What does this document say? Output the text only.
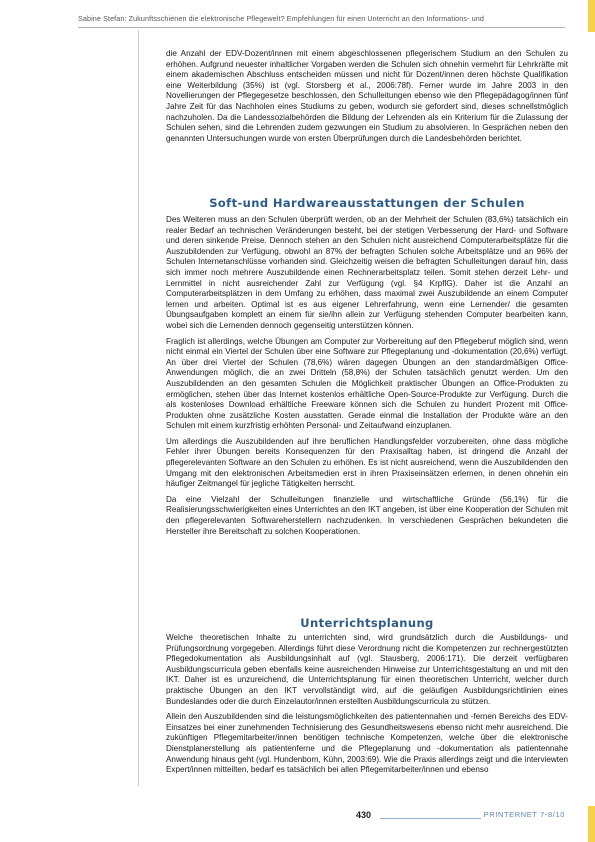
Sabine Stefan: Zukunftsschienen die elektronische Pflegewelt? Empfehlungen für einen Unterricht an den Informations- und

die Anzahl der EDV-Dozent/innen mit einem abgeschlossenen pflegerischem Studium an den Schulen zu erhöhen. Aufgrund neuester inhaltlicher Vorgaben werden die Schulen sich ohnehin vermehrt für Lehrkräfte mit einem akademischen Abschluss entscheiden müssen und nicht für Dozent/innen deren höchste Qualifikation eine Weiterbildung (35%) ist (vgl. Storsberg et al., 2006:78f). Ferner wurde im Jahre 2003 in den Novellierungen der Pflegegesetze beschlossen, den Schulleitungen ebenso wie den Pflegepädagog/innen fünf Jahre Zeit für das Nachholen eines Studiums zu geben, wodurch sie gefordert sind, dieses schnellstmöglich nachzuholen. Da die Landessozialbehörden die Bildung der Lehrenden als ein Kriterium für die Zulassung der Schulen sehen, sind die Lehrenden zudem gezwungen ein Studium zu absolvieren. In Gesprächen neben den genannten Untersuchungen wurde von ersten Überprüfungen durch die Landesbehörden berichtet.

Soft-und Hardwareausstattungen der Schulen

Des Weiteren muss an den Schulen überprüft werden, ob an der Mehrheit der Schulen (83,6%) tatsächlich ein realer Bedarf an technischen Veränderungen besteht, bei der stetigen Verbesserung der Hard- und Software und deren sinkende Preise. Dennoch stehen an den Schulen nicht ausreichend Computerarbeitsplätze für die Auszubildenden zur Verfügung, obwohl an 87% der befragten Schulen solche Arbeitsplätze und an 96% der Schulen Internetanschlüsse vorhanden sind. Gleichzeitig weisen die befragten Schulleitungen darauf hin, dass sich immer noch mehrere Auszubildende einen Rechnerarbeitsplatz teilen. Somit stehen derzeit Lehr- und Lernmittel in nicht ausreichender Zahl zur Verfügung (vgl. §4 KrpflG). Daher ist die Anzahl an Computerarbeitsplätzen in dem Umfang zu erhöhen, dass maximal zwei Auszubildende an einem Computer lernen und arbeiten. Optimal ist es aus eigener Lehrerfahrung, wenn eine Lernender/ die gesamten Übungsaufgaben komplett an einem für sie/ihn allein zur Verfügung stehenden Computer bearbeiten kann, wobei sich die Lernenden dennoch gegenseitig unterstützen können.

Fraglich ist allerdings, welche Übungen am Computer zur Vorbereitung auf den Pflegeberuf möglich sind, wenn nicht einmal ein Viertel der Schulen über eine Software zur Pflegeplanung und -dokumentation (20,6%) verfügt. An über drei Viertel der Schulen (78,6%) wären dagegen Übungen an den standardmäßigen Office-Anwendungen möglich, die an zwei Dritteln (58,8%) der Schulen tatsächlich genutzt werden. Um den Auszubildenden an den gesamten Schulen die Möglichkeit praktischer Übungen an Office-Produkten zu ermöglichen, stehen über das Internet kostenlos erhältliche Open-Source-Produkte zur Verfügung. Durch die als kostenloses Download erhältliche Freeware können sich die Schulen zu hundert Prozent mit Office-Produkten ohne zusätzliche Kosten ausstatten. Gerade einmal die Installation der Produkte wäre an den Schulen mit einem kurzfristig erhöhten Personal- und Zeitaufwand einzuplanen.

Um allerdings die Auszubildenden auf ihre beruflichen Handlungsfelder vorzubereiten, ohne dass mögliche Fehler ihrer Übungen bereits Konsequenzen für den Praxisalltag haben, ist dringend die Anzahl der pflegerelevanten Software an den Schulen zu erhöhen. Es ist nicht ausreichend, wenn die Auszubildenden den Umgang mit den elektronischen Arbeitsmedien erst in ihren Praxiseinsätzen erlernen, in denen ohnehin ein häufiger Zeitmangel für jegliche Tätigkeiten herrscht.

Da eine Vielzahl der Schulleitungen finanzielle und wirtschaftliche Gründe (56,1%) für die Realisierungsschwierigkeiten eines Unterrichtes an den IKT angeben, ist über eine Kooperation der Schulen mit den pflegerelevanten Softwareherstellern nachzudenken. In verschiedenen Gesprächen bekundeten die Hersteller ihre Bereitschaft zu solchen Kooperationen.

Unterrichtsplanung

Welche theoretischen Inhalte zu unterrichten sind, wird grundsätzlich durch die Ausbildungs- und Prüfungsordnung vorgegeben. Allerdings führt diese Verordnung nicht die Kompetenzen zur rechnergestützten Pflegedokumentation als Ausbildungsinhalt auf (vgl. Stausberg, 2006:171). Die derzeit verfügbaren Ausbildungscurricula geben ebenfalls keine ausreichenden Hinweise zur Unterrichtsgestaltung an und mit den IKT. Daher ist es unzureichend, die Unterrichtsplanung für einen theoretischen Unterricht, welcher durch praktische Übungen an den IKT vervollständigt wird, auf die geläufigen Ausbildungsrichtlinien eines Bundeslandes oder die durch Einzelautor/innen erstellten Ausbildungscurricula zu stützen.

Allein den Auszubildenden sind die leistungsmöglichkeiten des patientennahen und -fernen Bereichs des EDV-Einsatzes bei einer zunehmenden Technisierung des Gesundheitswesens ebenso nicht mehr ausreichend. Die zukünftigen Pflegemitarbeiter/innen benötigen technische Kompetenzen, welche über die elektronische Dienstplanerstellung als patientenferne und die Pflegeplanung und -dokumentation als patientennahe Anwendung hinaus geht (vgl. Hundenborn, Kühn, 2003:69). Wie die Praxis allerdings zeigt und die interviewten Expert/innen mitteilten, bedarf es tatsächlich bei allen Pflegemitarbeiter/innen und ebenso

430	PRINTERNET 7-8/10
